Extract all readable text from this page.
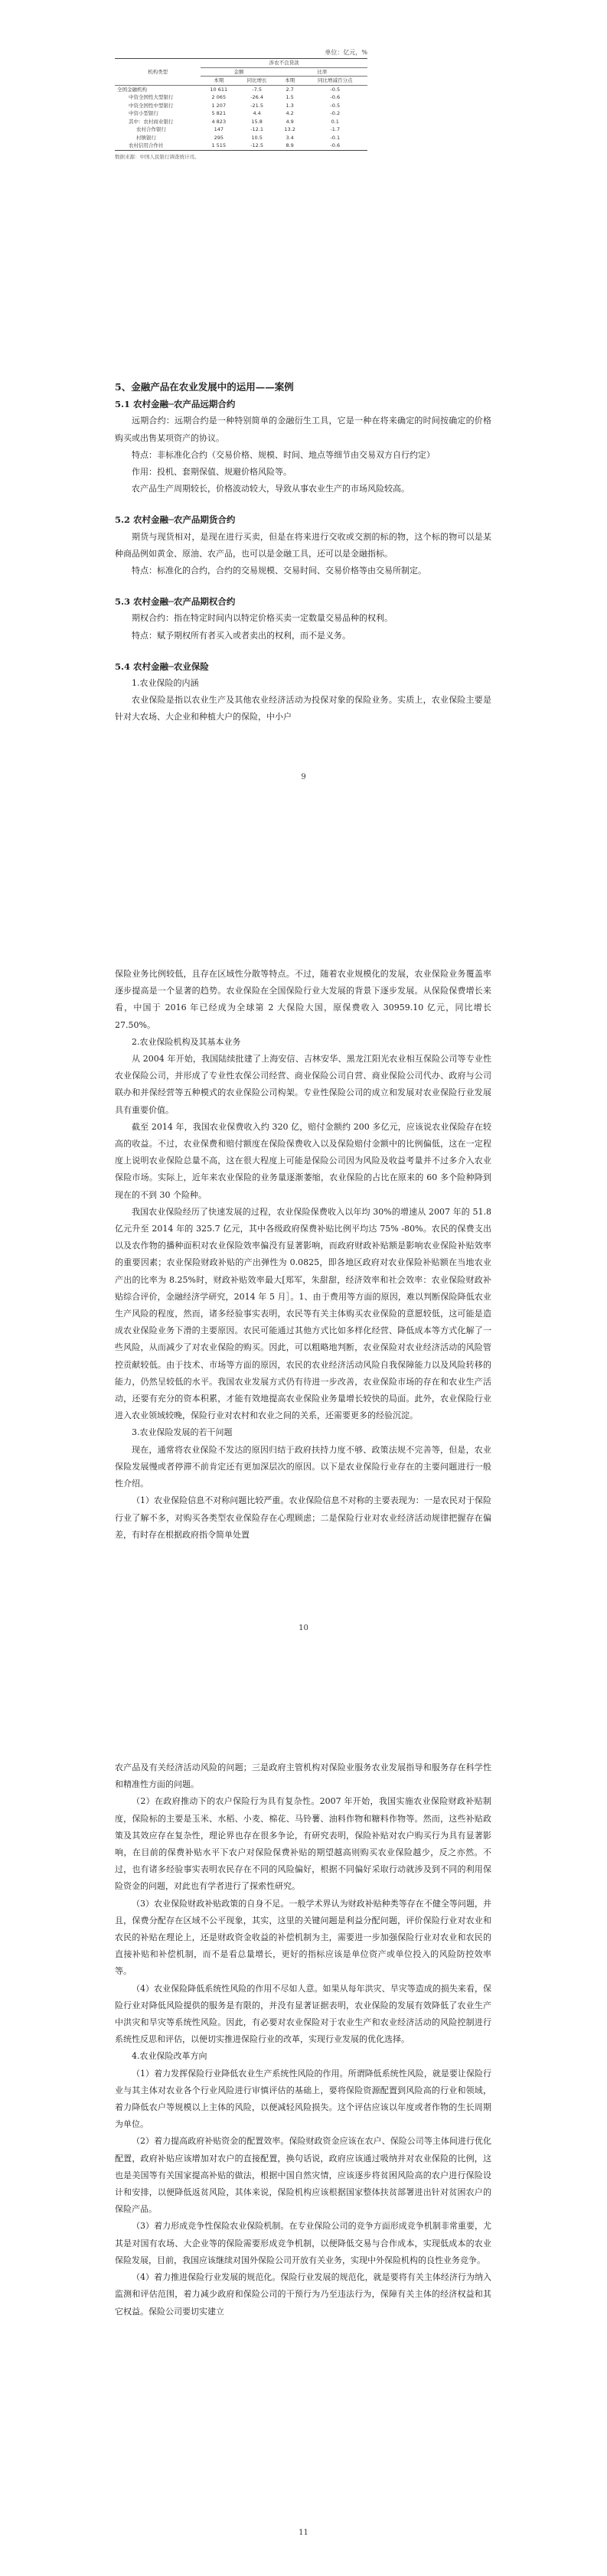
单位：亿元，%
机构类型	涉农不良贷款			
	金额		比率	
	本期	同比增长	本期	同比增减百分点
全国金融机构	10 611	-7.5	2.7	-0.5
中资全国性大型银行	2 065	-26.4	1.5	-0.6
中资全国性中型银行	1 207	-21.5	1.3	-0.5
中资小型银行	5 821	4.4	4.2	-0.2
其中：农村商业银行	4 823	15.8	4.9	0.1
农村合作银行	147	-12.1	13.2	-1.7
村镇银行	295	10.5	3.4	-0.1
农村信用合作社	1 515	-12.5	8.9	-0.6
数据来源：中国人民银行调查统计司。

5、金融产品在农业发展中的运用——案例

5.1 农村金融─农产品远期合约

远期合约：远期合约是一种特别简单的金融衍生工具，它是一种在将来确定的时间按确定的价格购买或出售某项资产的协议。

特点：非标准化合约（交易价格、规模、时间、地点等细节由交易双方自行约定）

作用：投机、套期保值、规避价格风险等。

农产品生产周期较长，价格波动较大，导致从事农业生产的市场风险较高。

5.2 农村金融─农产品期货合约

期货与现货相对，是现在进行买卖，但是在将来进行交收或交割的标的物，这个标的物可以是某种商品例如黄金、原油、农产品，也可以是金融工具，还可以是金融指标。

特点：标准化的合约，合约的交易规模、交易时间、交易价格等由交易所制定。

5.3 农村金融─农产品期权合约

期权合约：指在特定时间内以特定价格买卖一定数量交易品种的权利。

特点：赋予期权所有者买入或者卖出的权利，而不是义务。

5.4 农村金融─农业保险

1.农业保险的内涵

农业保险是指以农业生产及其他农业经济活动为投保对象的保险业务。实质上，农业保险主要是针对大农场、大企业和种植大户的保险，中小户

9

保险业务比例较低，且存在区域性分散等特点。不过，随着农业规模化的发展，农业保险业务覆盖率逐步提高是一个显著的趋势。农业保险在全国保险行业大发展的背景下逐步发展。从保险保费增长来看，中国于 2016 年已经成为全球第 2 大保险大国，原保费收入 30959.10 亿元，同比增长 27.50%。

2.农业保险机构及其基本业务

从 2004 年开始，我国陆续批建了上海安信、吉林安华、黑龙江阳光农业相互保险公司等专业性农业保险公司，并形成了专业性农保公司经营、商业保险公司自营、商业保险公司代办、政府与公司联办和并保经营等五种模式的农业保险公司构架。专业性保险公司的成立和发展对农业保险行业发展具有重要价值。

截至 2014 年，我国农业保费收入约 320 亿，赔付金额约 200 多亿元，应该说农业保险存在较高的收益。不过，农业保费和赔付额度在保险保费收入以及保险赔付金额中的比例偏低，这在一定程度上说明农业保险总量不高，这在很大程度上可能是保险公司因为风险及收益考量并不过多介入农业保险市场。实际上，近年来农业保险的业务量逐渐萎缩，农业保险的占比在原来的 60 多个险种降到现在的不到 30 个险种。

我国农业保险经历了快速发展的过程，农业保险保费收入以年均 30%的增速从 2007 年的 51.8 亿元升至 2014 年的 325.7 亿元，其中各级政府保费补贴比例平均达 75% -80%。农民的保费支出以及农作物的播种面积对农业保险效率偏没有显著影响，而政府财政补贴额是影响农业保险补贴效率的重要因素；农业保险财政补贴的产出弹性为 0.0825，即各地区政府对农业保险补贴额在当地农业产出的比率为 8.25%时，财政补贴效率最大[郑军，朱甜甜，经济效率和社会效率：农业保险财政补贴综合评价，金融经济学研究，2014 年 5 月］。1、由于费用等方面的原因，难以判断保险降低农业生产风险的程度，然而，诸多经验事实表明，农民等有关主体购买农业保险的意愿较低，这可能是造成农业保险业务下滑的主要原因。农民可能通过其他方式比如多样化经营、降低成本等方式化解了一些风险，从而减少了对农业保险的购买。因此，可以粗略地判断，农业保险对农业经济活动的风险管控贡献较低。由于技术、市场等方面的原因，农民的农业经济活动风险自我保障能力以及风险转移的能力，仍然呈较低的水平。我国农业发展方式仍有待进一步改善，农业保险市场的存在和农业生产活动，还要有充分的资本积累，才能有效地提高农业保险业务量增长较快的局面。此外，农业保险行业进入农业领域较晚，保险行业对农村和农业之间的关系，还需要更多的经验沉淀。

3.农业保险发展的若干问题

现在，通常将农业保险不发达的原因归结于政府扶持力度不够、政策法规不完善等，但是，农业保险发展慢或者停滞不前肯定还有更加深层次的原因。以下是农业保险行业存在的主要问题进行一般性介绍。

（1）农业保险信息不对称问题比较严重。农业保险信息不对称的主要表现为：一是农民对于保险行业了解不多，对购买各类型农业保险存在心理顾虑；二是保险行业对农业经济活动规律把握存在偏差，有时存在根据政府指令简单处置

10

农产品及有关经济活动风险的问题；三是政府主管机构对保险业服务农业发展指导和服务存在科学性和精准性方面的问题。

（2）在政府推动下的农户保险行为具有复杂性。2007 年开始，我国实施农业保险财政补贴制度，保险标的主要是玉米、水稻、小麦、棉花、马铃薯、油料作物和糖料作物等。然而，这些补贴政策及其效应存在复杂性，理论界也存在很多争论，有研究表明，保险补贴对农户购买行为具有显著影响，在目前的保费补贴水平下农户对保险保费补贴的期望越高则购买农业保险越少，反之亦然。不过，也有诸多经验事实表明农民存在不同的风险偏好，根据不同偏好采取行动就涉及到不同的利用保险资金的问题，对此也有学者进行了探索性研究。

（3）农业保险财政补贴政策的自身不足。一般学术界认为财政补贴种类等存在不健全等问题，并且，保费分配存在区域不公平现象，其实，这里的关键问题是利益分配问题，评价保险行业对农业和农民的补贴在理论上，还是财政资金收益的补偿机制为主，需要进一步加强保险行业对农业和农民的直接补贴和补偿机制，而不是看总量增长，更好的指标应该是单位资产或单位投入的风险防控效率等。

（4）农业保险降低系统性风险的作用不尽如人意。如果从每年洪灾、旱灾等造成的损失来看，保险行业对降低风险提供的服务是有限的，并没有显著证据表明，农业保险的发展有效降低了农业生产中洪灾和旱灾等系统性风险。因此，有必要对农业保险对于农业生产和农业经济活动的风险控制进行系统性反思和评估，以便切实推进保险行业的改革，实现行业发展的优化选择。

4.农业保险改革方向

（1）着力发挥保险行业降低农业生产系统性风险的作用。所谓降低系统性风险，就是要让保险行业与其主体对农业各个行业风险进行审慎评估的基础上，要将保险资源配置到风险高的行业和领域，着力降低农户等规模以上主体的风险，以便减轻风险损失。这个评估应该以年度或者作物的生长周期为单位。

（2）着力提高政府补贴资金的配置效率。保险财政资金应该在农户、保险公司等主体间进行优化配置，政府补贴应该增加对农户的直接配置，换句话说，政府应该通过吸纳并对农业保险的比例，这也是美国等有关国家提高补贴的做法，根据中国自然灾情，应该逐步将贫困风险高的农户进行保险设计和安排，以便降低返贫风险，其体来说，保险机构应该根据国家整体扶贫部署进出针对贫困农户的保险产品。

（3）着力形成竞争性保险农业保险机制。在专业保险公司的竞争方面形成竞争机制非常重要，尤其是对国有农场、大企业等的保险需要形成竞争机制，以便降低交易与合作成本，实现低成本的农业保险发展，目前，我国应该继续对国外保险公司开放有关业务，实现中外保险机构的良性业务竞争。

（4）着力推进保险行业发展的规范化。保险行业发展的规范化，就是要将有关主体经济行为纳入监测和评估范围，着力减少政府和保险公司的干预行为乃至违法行为，保障有关主体的经济权益和其它权益。保险公司要切实建立

11
